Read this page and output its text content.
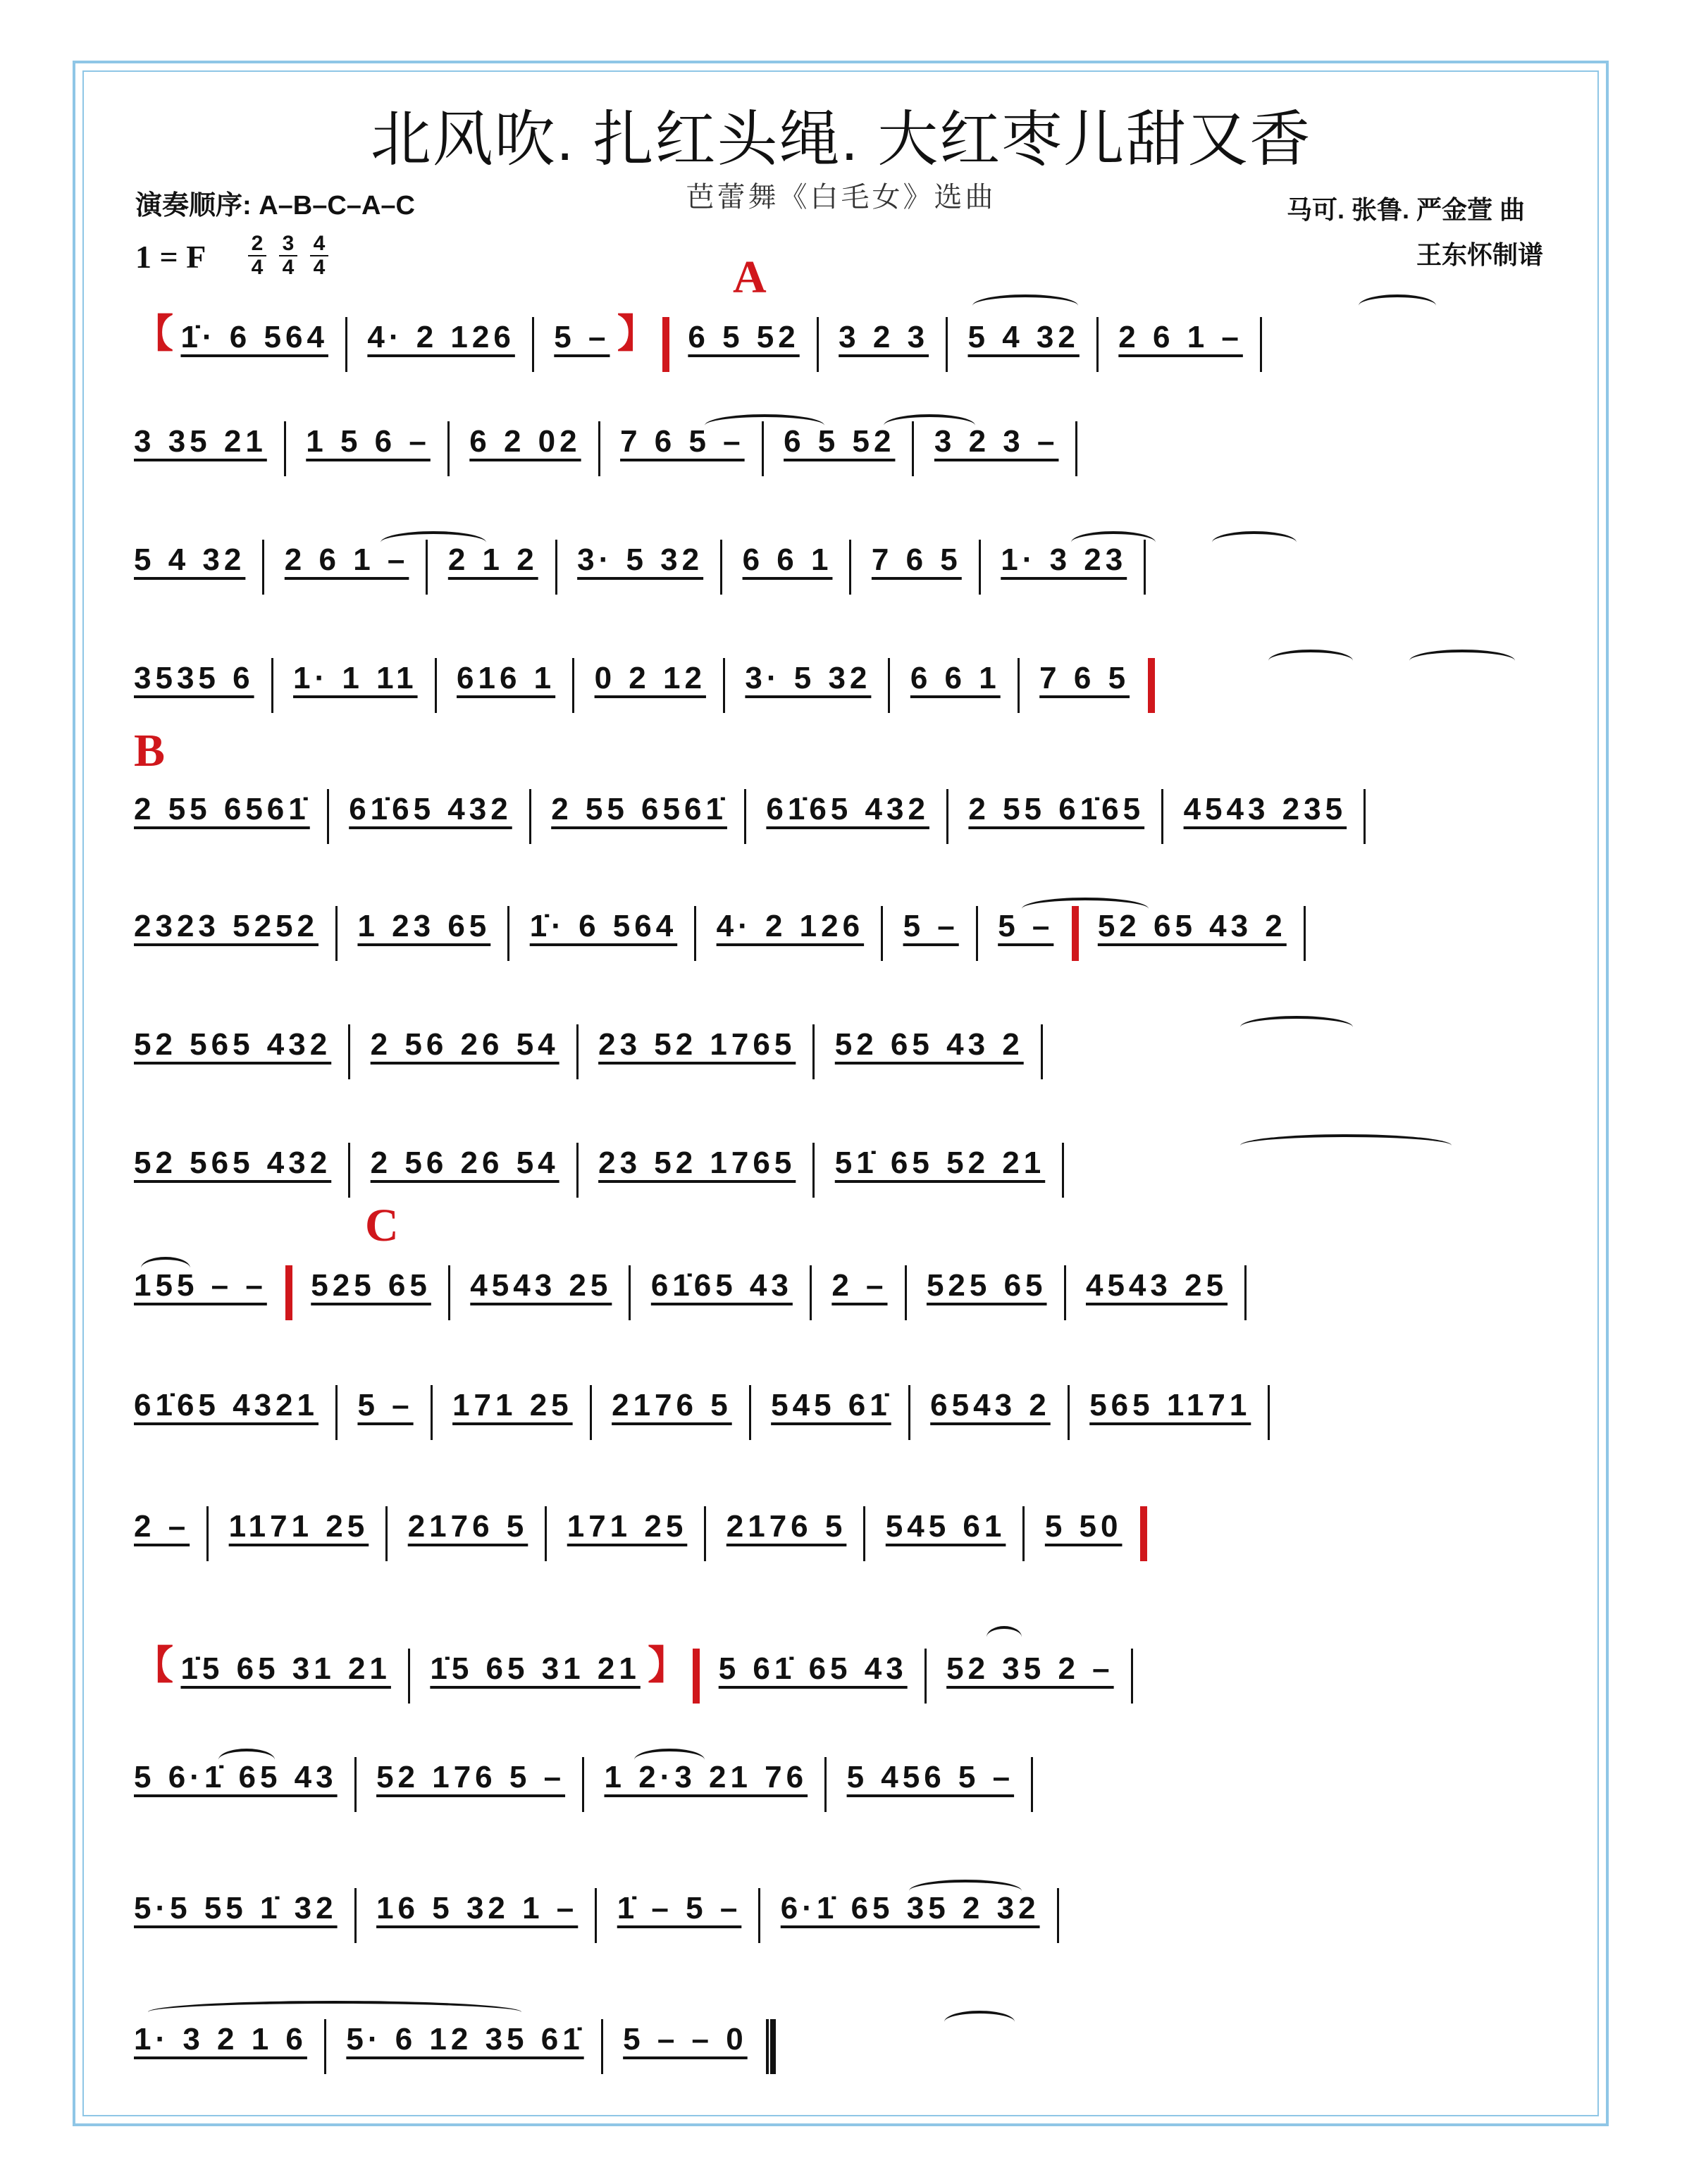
北风吹. 扎红头绳. 大红枣儿甜又香
演奏顺序: A–B–C–A–C	芭蕾舞《白毛女》选曲	马可. 张鲁. 严金萱 曲
王东怀制谱
1 = F 2
4
3
4
4
4	A
B
C
【 1̇· 6 564 4· 2 126 5 – 】 6 5 52 3 2 3 5 4 32 2 6 1 –
3 35 21 1 5 6 – 6 2 02 7 6 5 – 6 5 52 3 2 3 –
5 4 32 2 6 1 – 2 1 2 3· 5 32 6 6 1 7 6 5 1· 3 23
3535 6 1· 1 11 616 1 0 2 12 3· 5 32 6 6 1 7 6 5
2 55 6561̇ 61̇65 432 2 55 6561̇ 61̇65 432 2 55 61̇65 4543 235
2323 5252 1 23 65 1̇· 6 564 4· 2 126 5 – 5 – 52 65 43 2
52 565 432 2 56 26 54 23 52 1765 52 65 43 2
52 565 432 2 56 26 54 23 52 1765 51̇ 65 52 21
155 – – 525 65 4543 25 61̇65 43 2 – 525 65 4543 25
61̇65 4321 5 – 171 25 2176 5 545 61̇ 6543 2 565 1171
2 – 1171 25 2176 5 171 25 2176 5 545 61 5 50
【 1̇5 65 31 21 1̇5 65 31 21 】 5 61̇ 65 43 52 35 2 –
5 6·1̇ 65 43 52 176 5 – 1 2·3 21 76 5 456 5 –
5·5 55 1̇ 32 16 5 32 1 – 1̇ – 5 – 6·1̇ 65 35 2 32
1· 3 2 1 6 5· 6 12 35 61̇ 5 – – 0
